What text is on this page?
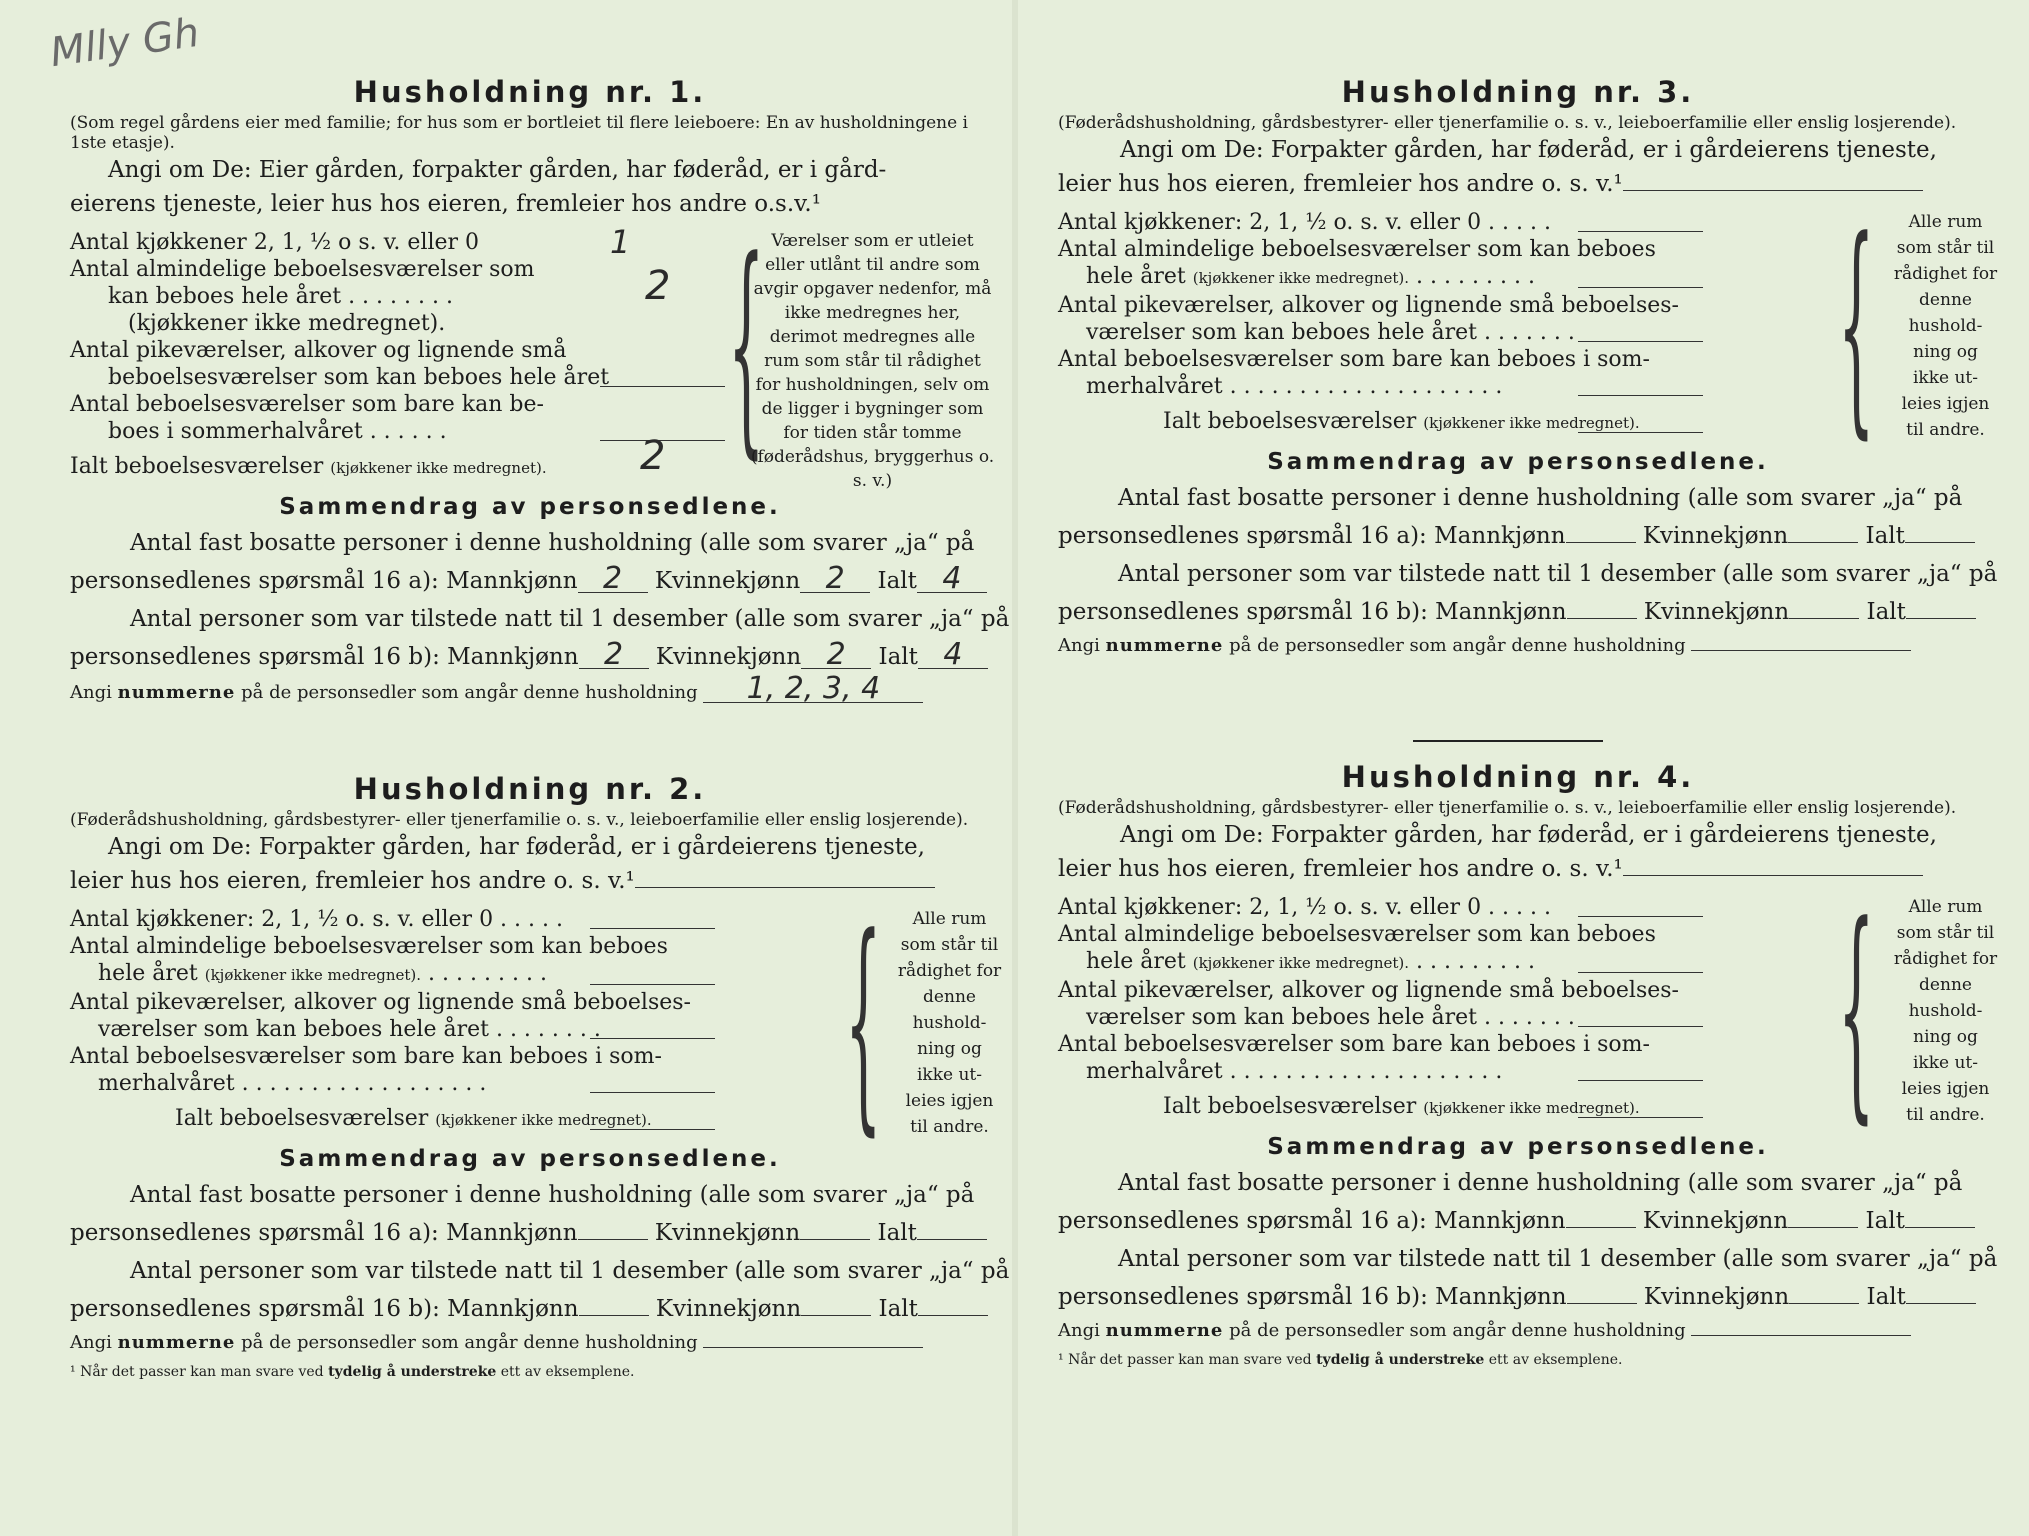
Mlly Gh
Husholdning nr. 1.

(Som regel gårdens eier med familie; for hus som er bortleiet til flere leieboere: En av husholdningene i 1ste etasje).

Angi om De: Eier gården, forpakter gården, har føderåd, er i gård-
eierens tjeneste, leier hus hos eieren, fremleier hos andre o.s.v.¹
Antal kjøkkener 2, 1, ½ o s. v. eller 0	1
Antal almindelige beboelsesværelser som
kan beboes hele året . . . . . . . .	2
(kjøkkener ikke medregnet).
Antal pikeværelser, alkover og lignende små
beboelsesværelser som kan beboes hele året
Antal beboelsesværelser som bare kan be-
boes i sommerhalvåret . . . . . .
Ialt beboelsesværelser (kjøkkener ikke medregnet). 2 { Værelser som er utleiet eller utlånt til andre som avgir opgaver nedenfor, må ikke medregnes her, derimot medregnes alle rum som står til rådighet for husholdningen, selv om de ligger i bygninger som for tiden står tomme (føderådshus, bryggerhus o. s. v.)
Sammendrag av personsedlene.
Antal fast bosatte personer i denne husholdning (alle som svarer „ja“ på
personsedlenes spørsmål 16 a): Mannkjønn 2 Kvinnekjønn 2 Ialt 4
Antal personer som var tilstede natt til 1 desember (alle som svarer „ja“ på
personsedlenes spørsmål 16 b): Mannkjønn 2 Kvinnekjønn 2 Ialt 4
Angi nummerne på de personsedler som angår denne husholdning 1, 2, 3, 4
Husholdning nr. 2.

(Føderådshusholdning, gårdsbestyrer- eller tjenerfamilie o. s. v., leieboerfamilie eller enslig losjerende).

Angi om De: Forpakter gården, har føderåd, er i gårdeierens tjeneste,
leier hus hos eieren, fremleier hos andre o. s. v.¹
Antal kjøkkener: 2, 1, ½ o. s. v. eller 0 . . . . .
Antal almindelige beboelsesværelser som kan beboes
hele året (kjøkkener ikke medregnet). . . . . . . . . .
Antal pikeværelser, alkover og lignende små beboelses-
værelser som kan beboes hele året . . . . . . . .
Antal beboelsesværelser som bare kan beboes i som-
merhalvåret . . . . . . . . . . . . . . . . . .
Ialt beboelsesværelser (kjøkkener ikke medregnet). {	Alle rum som står til rådighet for denne hushold- ning og ikke ut- leies igjen til andre.
Sammendrag av personsedlene.
Antal fast bosatte personer i denne husholdning (alle som svarer „ja“ på
personsedlenes spørsmål 16 a): Mannkjønn	Kvinnekjønn	Ialt
Antal personer som var tilstede natt til 1 desember (alle som svarer „ja“ på
personsedlenes spørsmål 16 b): Mannkjønn	Kvinnekjønn	Ialt
Angi nummerne på de personsedler som angår denne husholdning
¹ Når det passer kan man svare ved tydelig å understreke ett av eksemplene.
Husholdning nr. 3.

(Føderådshusholdning, gårdsbestyrer- eller tjenerfamilie o. s. v., leieboerfamilie eller enslig losjerende).

Angi om De: Forpakter gården, har føderåd, er i gårdeierens tjeneste,
leier hus hos eieren, fremleier hos andre o. s. v.¹
Antal kjøkkener: 2, 1, ½ o. s. v. eller 0 . . . . .
Antal almindelige beboelsesværelser som kan beboes
hele året (kjøkkener ikke medregnet). . . . . . . . . .
Antal pikeværelser, alkover og lignende små beboelses-
værelser som kan beboes hele året . . . . . . .
Antal beboelsesværelser som bare kan beboes i som-
merhalvåret . . . . . . . . . . . . . . . . . . . .
Ialt beboelsesværelser (kjøkkener ikke medregnet). {	Alle rum som står til rådighet for denne hushold- ning og ikke ut- leies igjen til andre.
Sammendrag av personsedlene.
Antal fast bosatte personer i denne husholdning (alle som svarer „ja“ på
personsedlenes spørsmål 16 a): Mannkjønn	Kvinnekjønn	Ialt
Antal personer som var tilstede natt til 1 desember (alle som svarer „ja“ på
personsedlenes spørsmål 16 b): Mannkjønn	Kvinnekjønn	Ialt
Angi nummerne på de personsedler som angår denne husholdning
Husholdning nr. 4.

(Føderådshusholdning, gårdsbestyrer- eller tjenerfamilie o. s. v., leieboerfamilie eller enslig losjerende).

Angi om De: Forpakter gården, har føderåd, er i gårdeierens tjeneste,
leier hus hos eieren, fremleier hos andre o. s. v.¹
Antal kjøkkener: 2, 1, ½ o. s. v. eller 0 . . . . .
Antal almindelige beboelsesværelser som kan beboes
hele året (kjøkkener ikke medregnet). . . . . . . . . .
Antal pikeværelser, alkover og lignende små beboelses-
værelser som kan beboes hele året . . . . . . .
Antal beboelsesværelser som bare kan beboes i som-
merhalvåret . . . . . . . . . . . . . . . . . . . .
Ialt beboelsesværelser (kjøkkener ikke medregnet). {	Alle rum som står til rådighet for denne hushold- ning og ikke ut- leies igjen til andre.
Sammendrag av personsedlene.
Antal fast bosatte personer i denne husholdning (alle som svarer „ja“ på
personsedlenes spørsmål 16 a): Mannkjønn	Kvinnekjønn	Ialt
Antal personer som var tilstede natt til 1 desember (alle som svarer „ja“ på
personsedlenes spørsmål 16 b): Mannkjønn	Kvinnekjønn	Ialt
Angi nummerne på de personsedler som angår denne husholdning
¹ Når det passer kan man svare ved tydelig å understreke ett av eksemplene.
